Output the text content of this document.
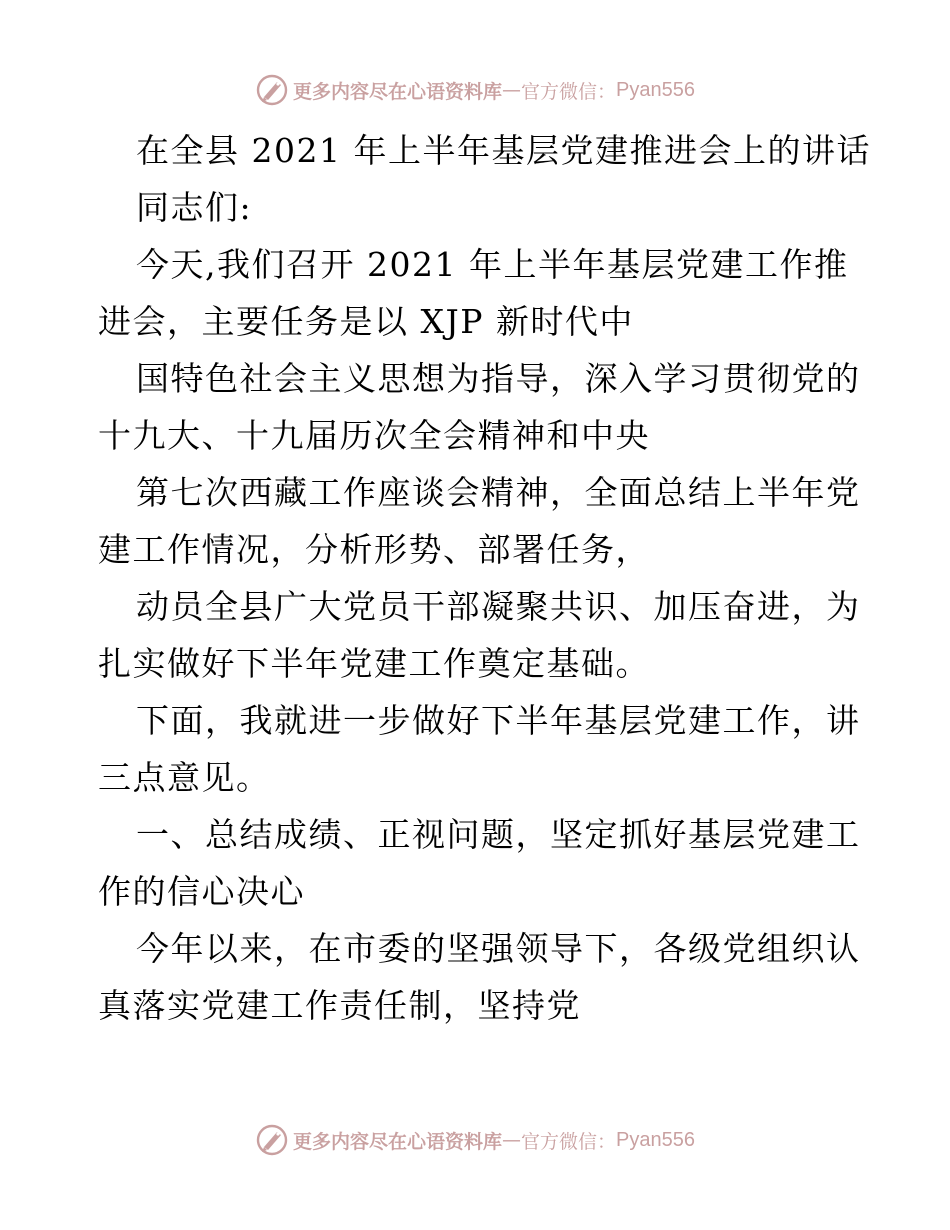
更多内容尽在心语资料库 — 官方微信： Pyan556
在全县 2021 年上半年基层党建推进会上的讲话
同志们:
今天,我们召开 2021 年上半年基层党建工作推
进会，主要任务是以 XJP 新时代中
国特色社会主义思想为指导，深入学习贯彻党的
十九大、十九届历次全会精神和中央
第七次西藏工作座谈会精神，全面总结上半年党
建工作情况，分析形势、部署任务，
动员全县广大党员干部凝聚共识、加压奋进，为
扎实做好下半年党建工作奠定基础。
下面，我就进一步做好下半年基层党建工作，讲
三点意见。
一、总结成绩、正视问题，坚定抓好基层党建工
作的信心决心
今年以来，在市委的坚强领导下，各级党组织认
真落实党建工作责任制，坚持党
更多内容尽在心语资料库 — 官方微信： Pyan556
